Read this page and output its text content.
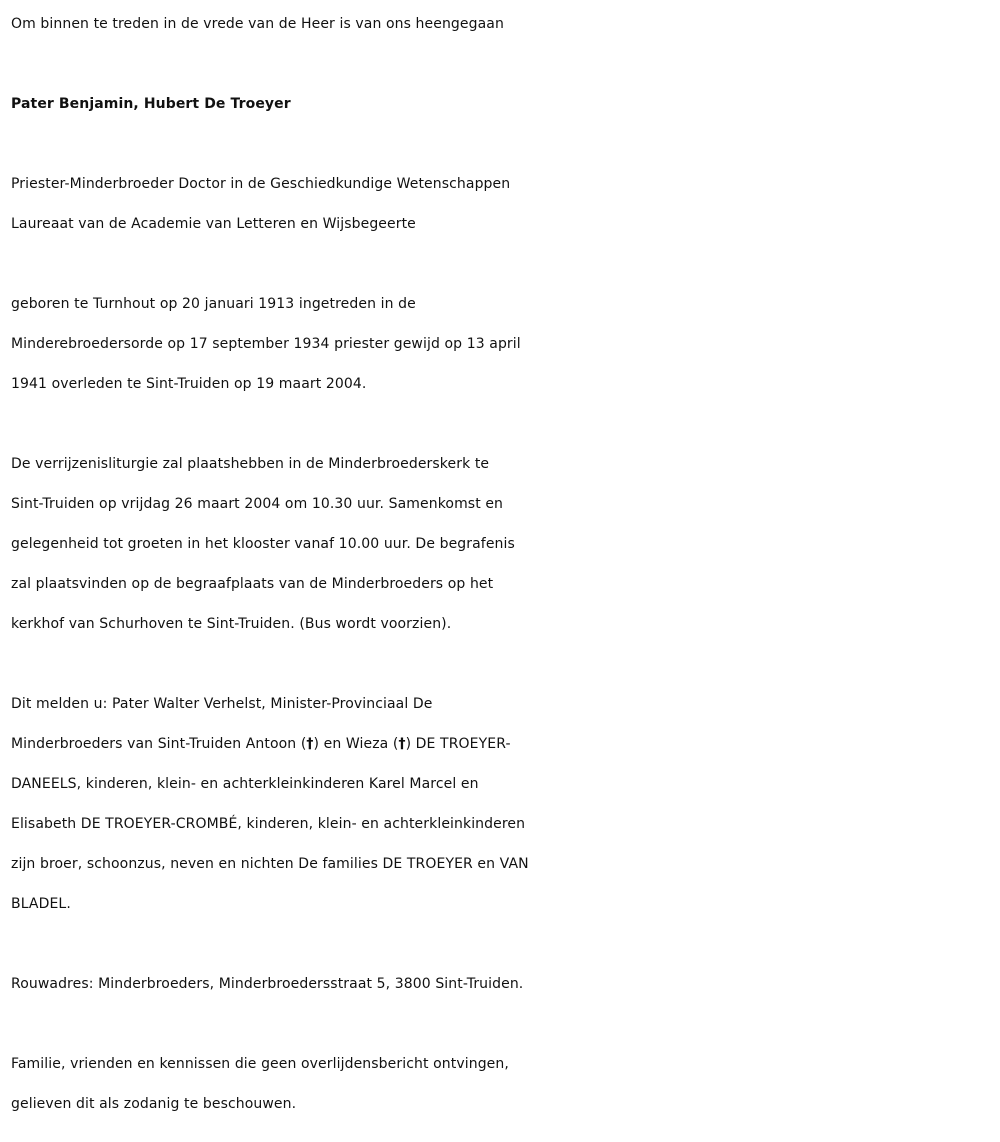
Om binnen te treden in de vrede van de Heer is van ons heengegaan
Pater Benjamin, Hubert De Troeyer
Priester-Minderbroeder Doctor in de Geschiedkundige Wetenschappen
Laureaat van de Academie van Letteren en Wijsbegeerte
geboren te Turnhout op 20 januari 1913 ingetreden in de
Minderebroedersorde op 17 september 1934 priester gewijd op 13 april
1941 overleden te Sint-Truiden op 19 maart 2004.
De verrijzenisliturgie zal plaatshebben in de Minderbroederskerk te
Sint-Truiden op vrijdag 26 maart 2004 om 10.30 uur. Samenkomst en
gelegenheid tot groeten in het klooster vanaf 10.00 uur. De begrafenis
zal plaatsvinden op de begraafplaats van de Minderbroeders op het
kerkhof van Schurhoven te Sint-Truiden. (Bus wordt voorzien).
Dit melden u: Pater Walter Verhelst, Minister-Provinciaal De
Minderbroeders van Sint-Truiden Antoon (†) en Wieza (†) DE TROEYER-
DANEELS, kinderen, klein- en achterkleinkinderen Karel Marcel en
Elisabeth DE TROEYER-CROMBÉ, kinderen, klein- en achterkleinkinderen
zijn broer, schoonzus, neven en nichten De families DE TROEYER en VAN
BLADEL.
Rouwadres: Minderbroeders, Minderbroedersstraat 5, 3800 Sint-Truiden.
Familie, vrienden en kennissen die geen overlijdensbericht ontvingen,
gelieven dit als zodanig te beschouwen.
